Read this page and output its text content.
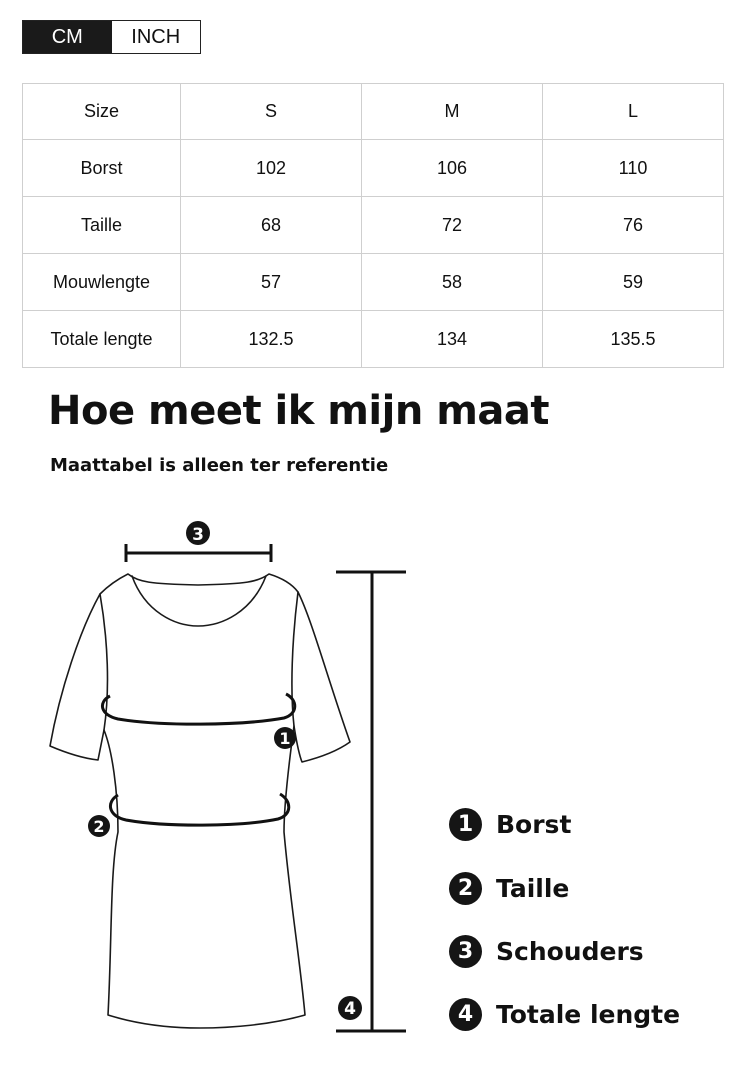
CM	INCH
Size	S	M	L
Borst	102	106	110
Taille	68	72	76
Mouwlengte	57	58	59
Totale lengte	132.5	134	135.5
Hoe meet ik mijn maat

Maattabel is alleen ter referentie

3
1
2
4
1 Borst
2 Taille
3 Schouders
4 Totale lengte
